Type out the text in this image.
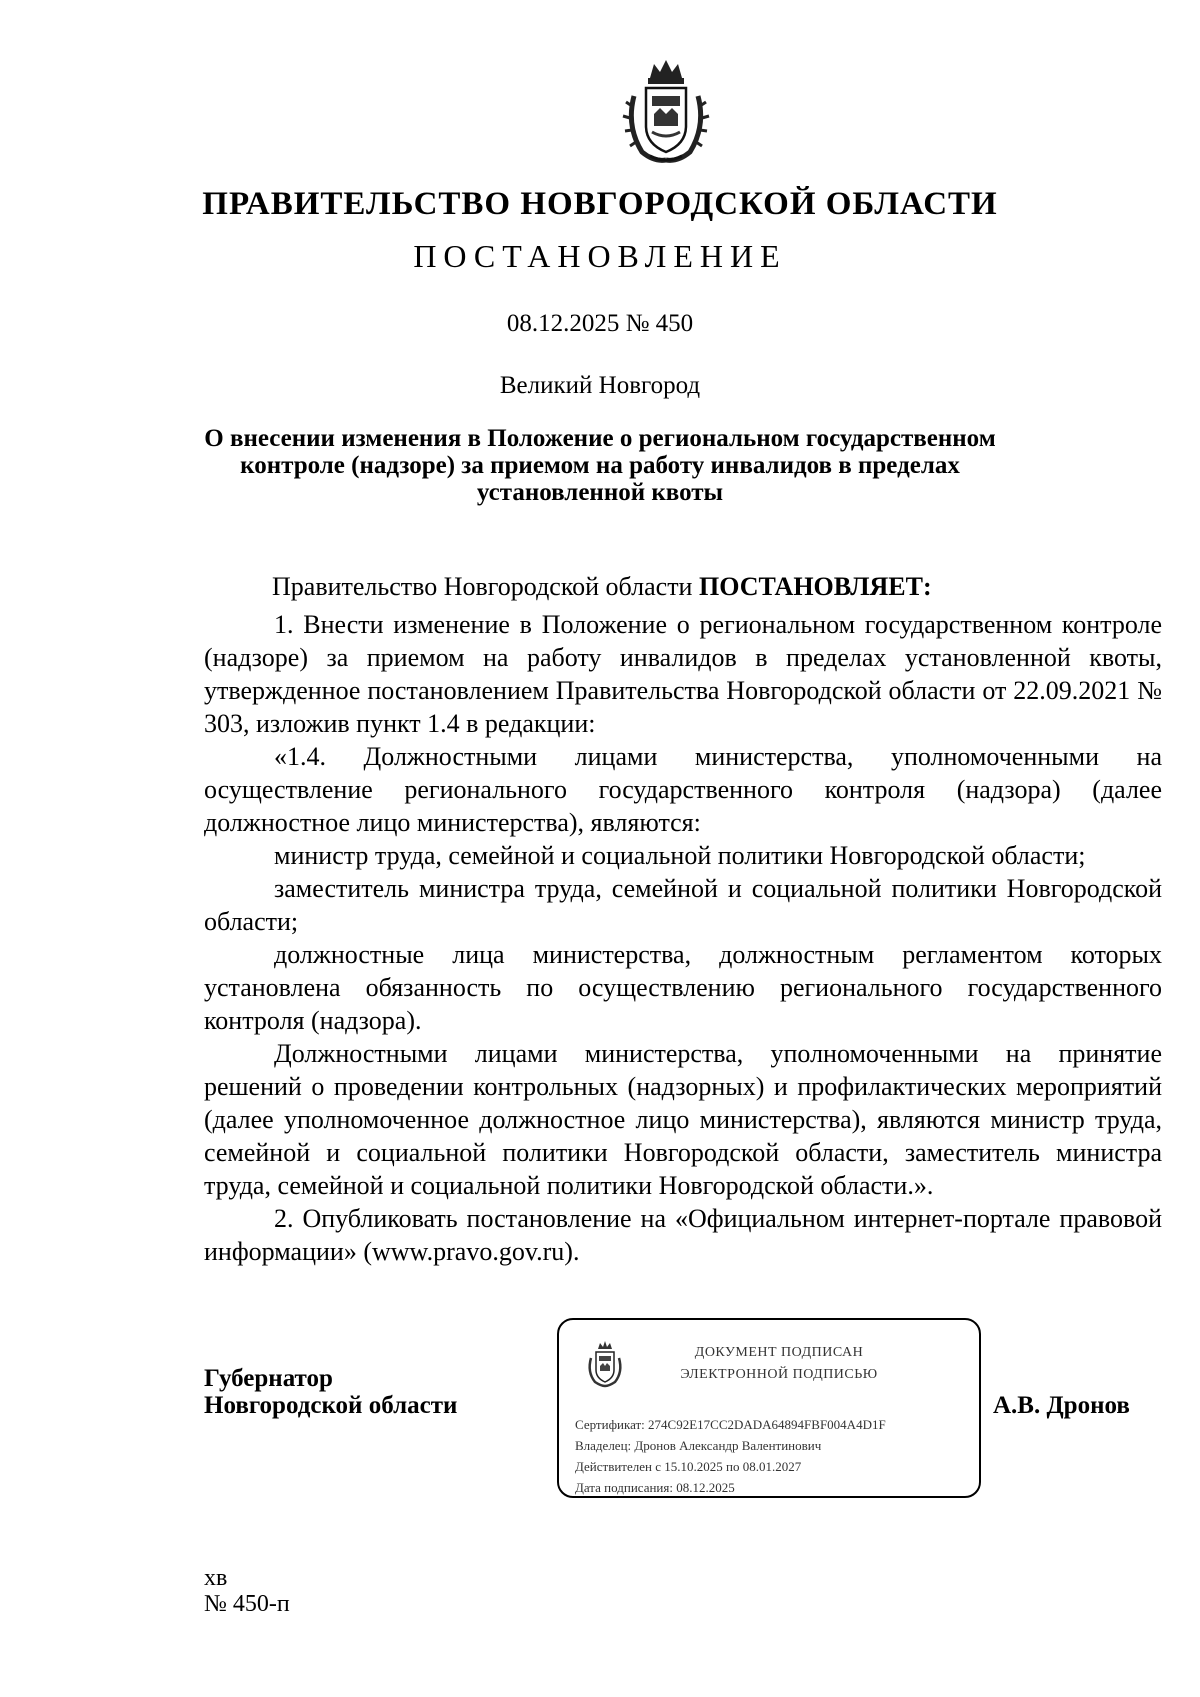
ПРАВИТЕЛЬСТВО НОВГОРОДСКОЙ ОБЛАСТИ
ПОСТАНОВЛЕНИЕ
08.12.2025 № 450
Великий Новгород
О внесении изменения в Положение о региональном государственном
контроле (надзоре) за приемом на работу инвалидов в пределах
установленной квоты

Правительство Новгородской области ПОСТАНОВЛЯЕТ:

1. Внести изменение в Положение о региональном государственном контроле (надзоре) за приемом на работу инвалидов в пределах установленной квоты, утвержденное постановлением Правительства Новгородской области от 22.09.2021 № 303, изложив пункт 1.4 в редакции:

«1.4. Должностными лицами министерства, уполномоченными на осуществление регионального государственного контроля (надзора) (далее должностное лицо министерства), являются:

министр труда, семейной и социальной политики Новгородской области;

заместитель министра труда, семейной и социальной политики Новгородской области;

должностные лица министерства, должностным регламентом которых установлена обязанность по осуществлению регионального государственного контроля (надзора).

Должностными лицами министерства, уполномоченными на принятие решений о проведении контрольных (надзорных) и профилактических мероприятий (далее уполномоченное должностное лицо министерства), являются министр труда, семейной и социальной политики Новгородской области, заместитель министра труда, семейной и социальной политики Новгородской области.».

2. Опубликовать постановление на «Официальном интернет-портале правовой информации» (www.pravo.gov.ru).

Губернатор
Новгородской области
ДОКУМЕНТ ПОДПИСАН
ЭЛЕКТРОННОЙ ПОДПИСЬЮ
Сертификат: 274C92E17CC2DADA64894FBF004A4D1F
Владелец: Дронов Александр Валентинович
Действителен с 15.10.2025 по 08.01.2027
Дата подписания: 08.12.2025
А.В. Дронов
хв
№ 450-п
